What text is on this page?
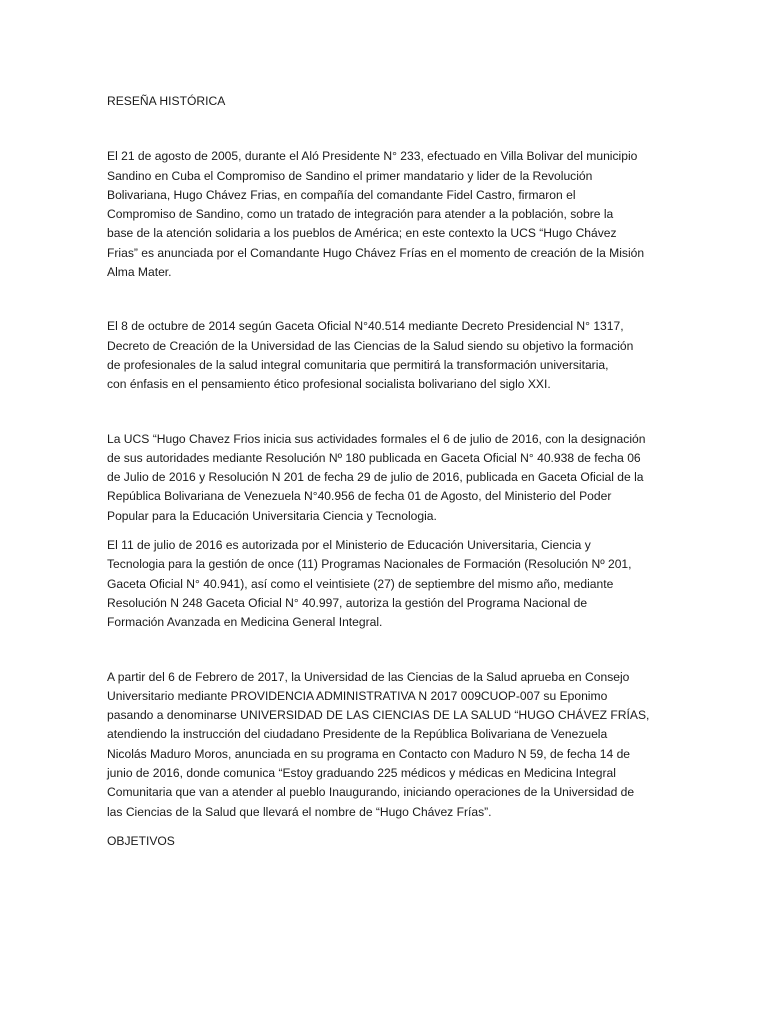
RESEÑA HISTÓRICA

El 21 de agosto de 2005, durante el Aló Presidente N° 233, efectuado en Villa Bolivar del municipio
Sandino en Cuba el Compromiso de Sandino el primer mandatario y lider de la Revolución
Bolivariana, Hugo Chávez Frias, en compañía del comandante Fidel Castro, firmaron el
Compromiso de Sandino, como un tratado de integración para atender a la población, sobre la
base de la atención solidaria a los pueblos de América; en este contexto la UCS “Hugo Chávez
Frias” es anunciada por el Comandante Hugo Chávez Frías en el momento de creación de la Misión
Alma Mater.

El 8 de octubre de 2014 según Gaceta Oficial N°40.514 mediante Decreto Presidencial N° 1317,
Decreto de Creación de la Universidad de las Ciencias de la Salud siendo su objetivo la formación
de profesionales de la salud integral comunitaria que permitirá la transformación universitaria,
con énfasis en el pensamiento ético profesional socialista bolivariano del siglo XXI.

La UCS “Hugo Chavez Frios inicia sus actividades formales el 6 de julio de 2016, con la designación
de sus autoridades mediante Resolución Nº 180 publicada en Gaceta Oficial N° 40.938 de fecha 06
de Julio de 2016 y Resolución N 201 de fecha 29 de julio de 2016, publicada en Gaceta Oficial de la
República Bolivariana de Venezuela N°40.956 de fecha 01 de Agosto, del Ministerio del Poder
Popular para la Educación Universitaria Ciencia y Tecnologia.

El 11 de julio de 2016 es autorizada por el Ministerio de Educación Universitaria, Ciencia y
Tecnologia para la gestión de once (11) Programas Nacionales de Formación (Resolución Nº 201,
Gaceta Oficial N° 40.941), así como el veintisiete (27) de septiembre del mismo año, mediante
Resolución N 248 Gaceta Oficial N° 40.997, autoriza la gestión del Programa Nacional de
Formación Avanzada en Medicina General Integral.

A partir del 6 de Febrero de 2017, la Universidad de las Ciencias de la Salud aprueba en Consejo
Universitario mediante PROVIDENCIA ADMINISTRATIVA N 2017 009CUOP-007 su Eponimo
pasando a denominarse UNIVERSIDAD DE LAS CIENCIAS DE LA SALUD “HUGO CHÁVEZ FRÍAS,
atendiendo la instrucción del ciudadano Presidente de la República Bolivariana de Venezuela
Nicolás Maduro Moros, anunciada en su programa en Contacto con Maduro N 59, de fecha 14 de
junio de 2016, donde comunica “Estoy graduando 225 médicos y médicas en Medicina Integral
Comunitaria que van a atender al pueblo Inaugurando, iniciando operaciones de la Universidad de
las Ciencias de la Salud que llevará el nombre de “Hugo Chávez Frías”.

OBJETIVOS
